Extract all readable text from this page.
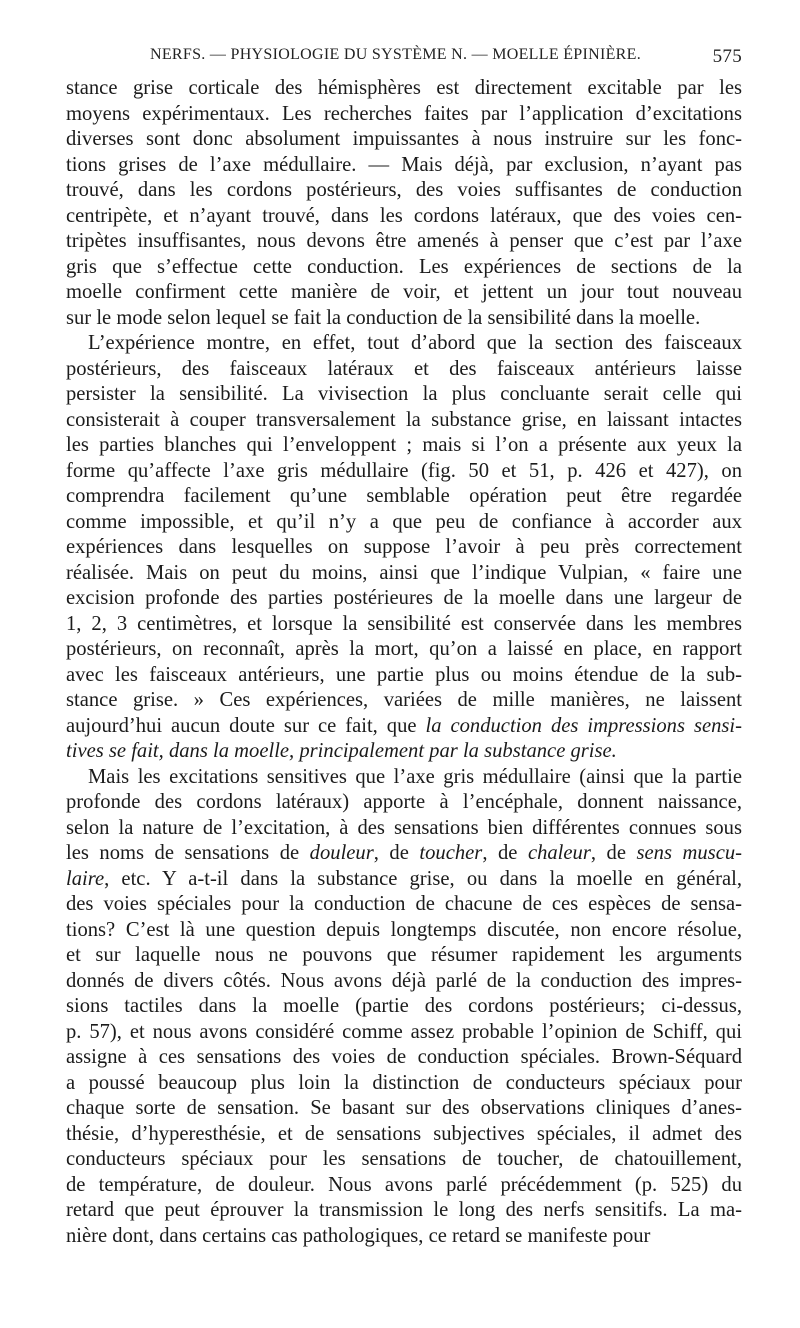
NERFS. — PHYSIOLOGIE DU SYSTÈME N. — MOELLE ÉPINIÈRE.	575
stance grise corticale des hémisphères est directement excitable par les
moyens expérimentaux. Les recherches faites par l’application d’excitations
diverses sont donc absolument impuissantes à nous instruire sur les fonc-
tions grises de l’axe médullaire. — Mais déjà, par exclusion, n’ayant pas
trouvé, dans les cordons postérieurs, des voies suffisantes de conduction
centripète, et n’ayant trouvé, dans les cordons latéraux, que des voies cen-
tripètes insuffisantes, nous devons être amenés à penser que c’est par l’axe
gris que s’effectue cette conduction. Les expériences de sections de la
moelle confirment cette manière de voir, et jettent un jour tout nouveau
sur le mode selon lequel se fait la conduction de la sensibilité dans la moelle.
L’expérience montre, en effet, tout d’abord que la section des faisceaux
postérieurs, des faisceaux latéraux et des faisceaux antérieurs laisse
persister la sensibilité. La vivisection la plus concluante serait celle qui
consisterait à couper transversalement la substance grise, en laissant intactes
les parties blanches qui l’enveloppent ; mais si l’on a présente aux yeux la
forme qu’affecte l’axe gris médullaire (fig. 50 et 51, p. 426 et 427), on
comprendra facilement qu’une semblable opération peut être regardée
comme impossible, et qu’il n’y a que peu de confiance à accorder aux
expériences dans lesquelles on suppose l’avoir à peu près correctement
réalisée. Mais on peut du moins, ainsi que l’indique Vulpian, « faire une
excision profonde des parties postérieures de la moelle dans une largeur de
1, 2, 3 centimètres, et lorsque la sensibilité est conservée dans les membres
postérieurs, on reconnaît, après la mort, qu’on a laissé en place, en rapport
avec les faisceaux antérieurs, une partie plus ou moins étendue de la sub-
stance grise. » Ces expériences, variées de mille manières, ne laissent
aujourd’hui aucun doute sur ce fait, que la conduction des impressions sensi-
tives se fait, dans la moelle, principalement par la substance grise.
Mais les excitations sensitives que l’axe gris médullaire (ainsi que la partie
profonde des cordons latéraux) apporte à l’encéphale, donnent naissance,
selon la nature de l’excitation, à des sensations bien différentes connues sous
les noms de sensations de douleur, de toucher, de chaleur, de sens muscu-
laire, etc. Y a-t-il dans la substance grise, ou dans la moelle en général,
des voies spéciales pour la conduction de chacune de ces espèces de sensa-
tions? C’est là une question depuis longtemps discutée, non encore résolue,
et sur laquelle nous ne pouvons que résumer rapidement les arguments
donnés de divers côtés. Nous avons déjà parlé de la conduction des impres-
sions tactiles dans la moelle (partie des cordons postérieurs; ci-dessus,
p. 57), et nous avons considéré comme assez probable l’opinion de Schiff, qui
assigne à ces sensations des voies de conduction spéciales. Brown-Séquard
a poussé beaucoup plus loin la distinction de conducteurs spéciaux pour
chaque sorte de sensation. Se basant sur des observations cliniques d’anes-
thésie, d’hyperesthésie, et de sensations subjectives spéciales, il admet des
conducteurs spéciaux pour les sensations de toucher, de chatouillement,
de température, de douleur. Nous avons parlé précédemment (p. 525) du
retard que peut éprouver la transmission le long des nerfs sensitifs. La ma-
nière dont, dans certains cas pathologiques, ce retard se manifeste pour
